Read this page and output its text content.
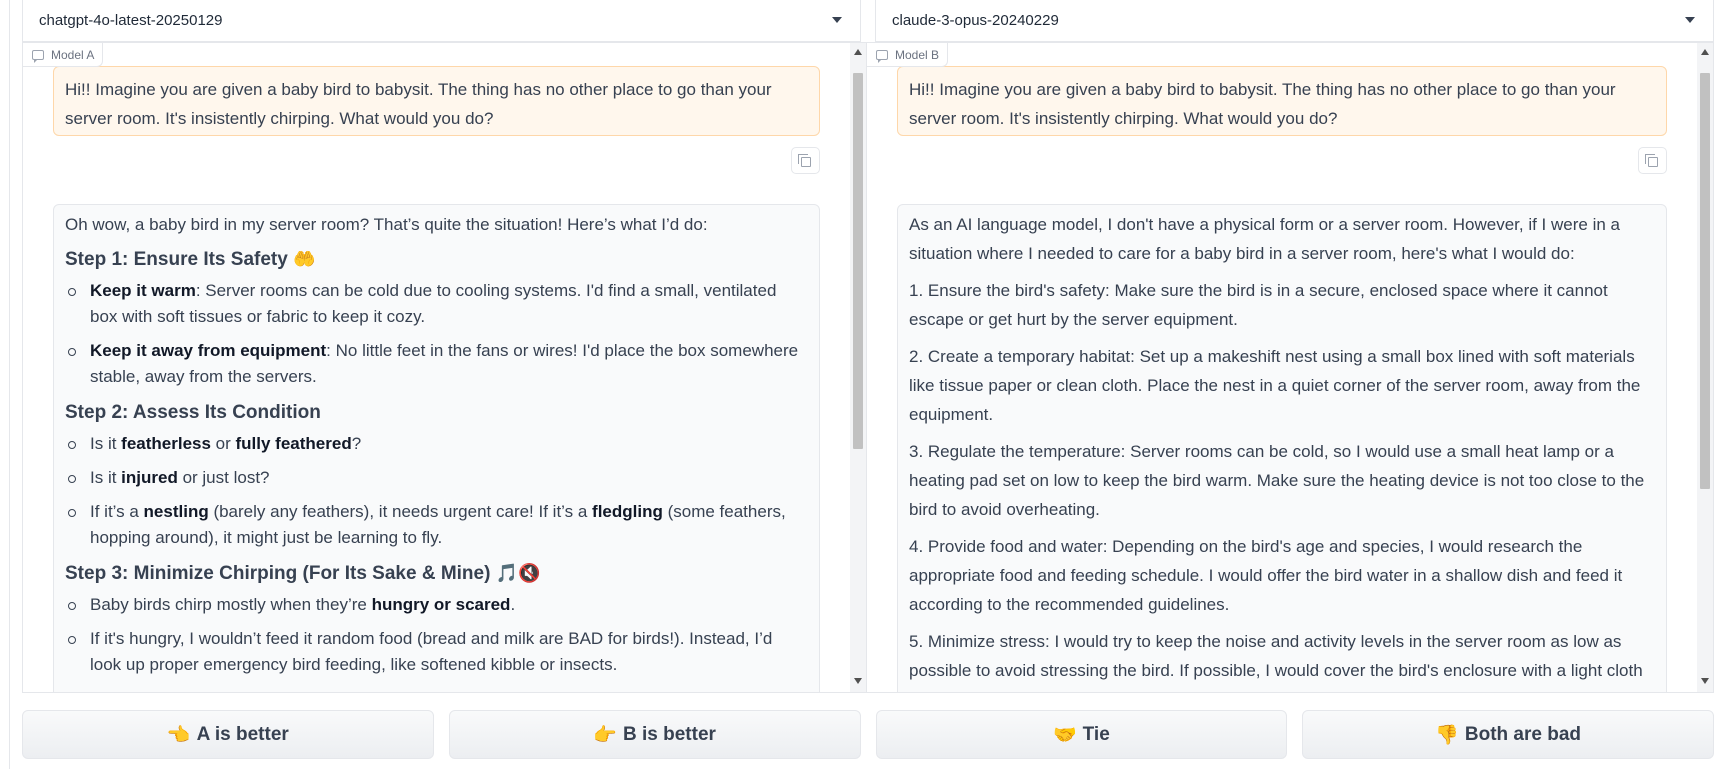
chatgpt-4o-latest-20250129	claude-3-opus-20240229
Model A
Hi!! Imagine you are given a baby bird to babysit. The thing has no other place to go than your server room. It's insistently chirping. What would you do?

Oh wow, a baby bird in my server room? That’s quite the situation! Here’s what I’d do:

Step 1: Ensure Its Safety 🤲
Keep it warm: Server rooms can be cold due to cooling systems. I'd find a small, ventilated box with soft tissues or fabric to keep it cozy.
Keep it away from equipment: No little feet in the fans or wires! I'd place the box somewhere stable, away from the servers.
Step 2: Assess Its Condition
Is it featherless or fully feathered?
Is it injured or just lost?
If it’s a nestling (barely any feathers), it needs urgent care! If it’s a fledgling (some feathers, hopping around), it might just be learning to fly.
Step 3: Minimize Chirping (For Its Sake & Mine) 🎵🔇
Baby birds chirp mostly when they’re hungry or scared.
If it's hungry, I wouldn’t feed it random food (bread and milk are BAD for birds!). Instead, I’d look up proper emergency bird feeding, like softened kibble or insects.
Model B
Hi!! Imagine you are given a baby bird to babysit. The thing has no other place to go than your server room. It's insistently chirping. What would you do?

As an AI language model, I don't have a physical form or a server room. However, if I were in a situation where I needed to care for a baby bird in a server room, here's what I would do:

1. Ensure the bird's safety: Make sure the bird is in a secure, enclosed space where it cannot escape or get hurt by the server equipment.

2. Create a temporary habitat: Set up a makeshift nest using a small box lined with soft materials like tissue paper or clean cloth. Place the nest in a quiet corner of the server room, away from the equipment.

3. Regulate the temperature: Server rooms can be cold, so I would use a small heat lamp or a heating pad set on low to keep the bird warm. Make sure the heating device is not too close to the bird to avoid overheating.

4. Provide food and water: Depending on the bird's age and species, I would research the appropriate food and feeding schedule. I would offer the bird water in a shallow dish and feed it according to the recommended guidelines.

5. Minimize stress: I would try to keep the noise and activity levels in the server room as low as possible to avoid stressing the bird. If possible, I would cover the bird's enclosure with a light cloth

👈 A is better	👉 B is better	🤝 Tie	👎 Both are bad
